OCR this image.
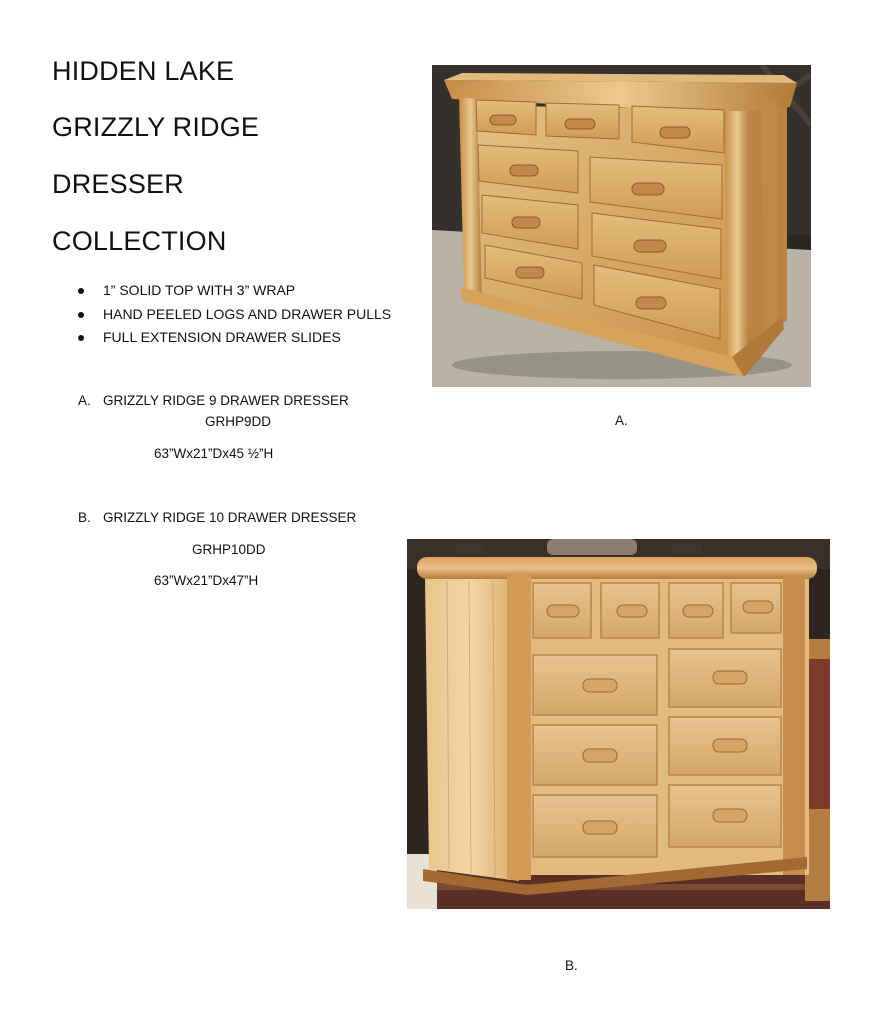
HIDDEN LAKE
GRIZZLY RIDGE
DRESSER
COLLECTION
1” SOLID TOP WITH 3” WRAP
HAND PEELED LOGS AND DRAWER PULLS
FULL EXTENSION DRAWER SLIDES
A. GRIZZLY RIDGE 9 DRAWER DRESSER
GRHP9DD
63”Wx21”Dx45 ½”H
B. GRIZZLY RIDGE 10 DRAWER DRESSER
GRHP10DD
63”Wx21”Dx47”H
A.
B.
